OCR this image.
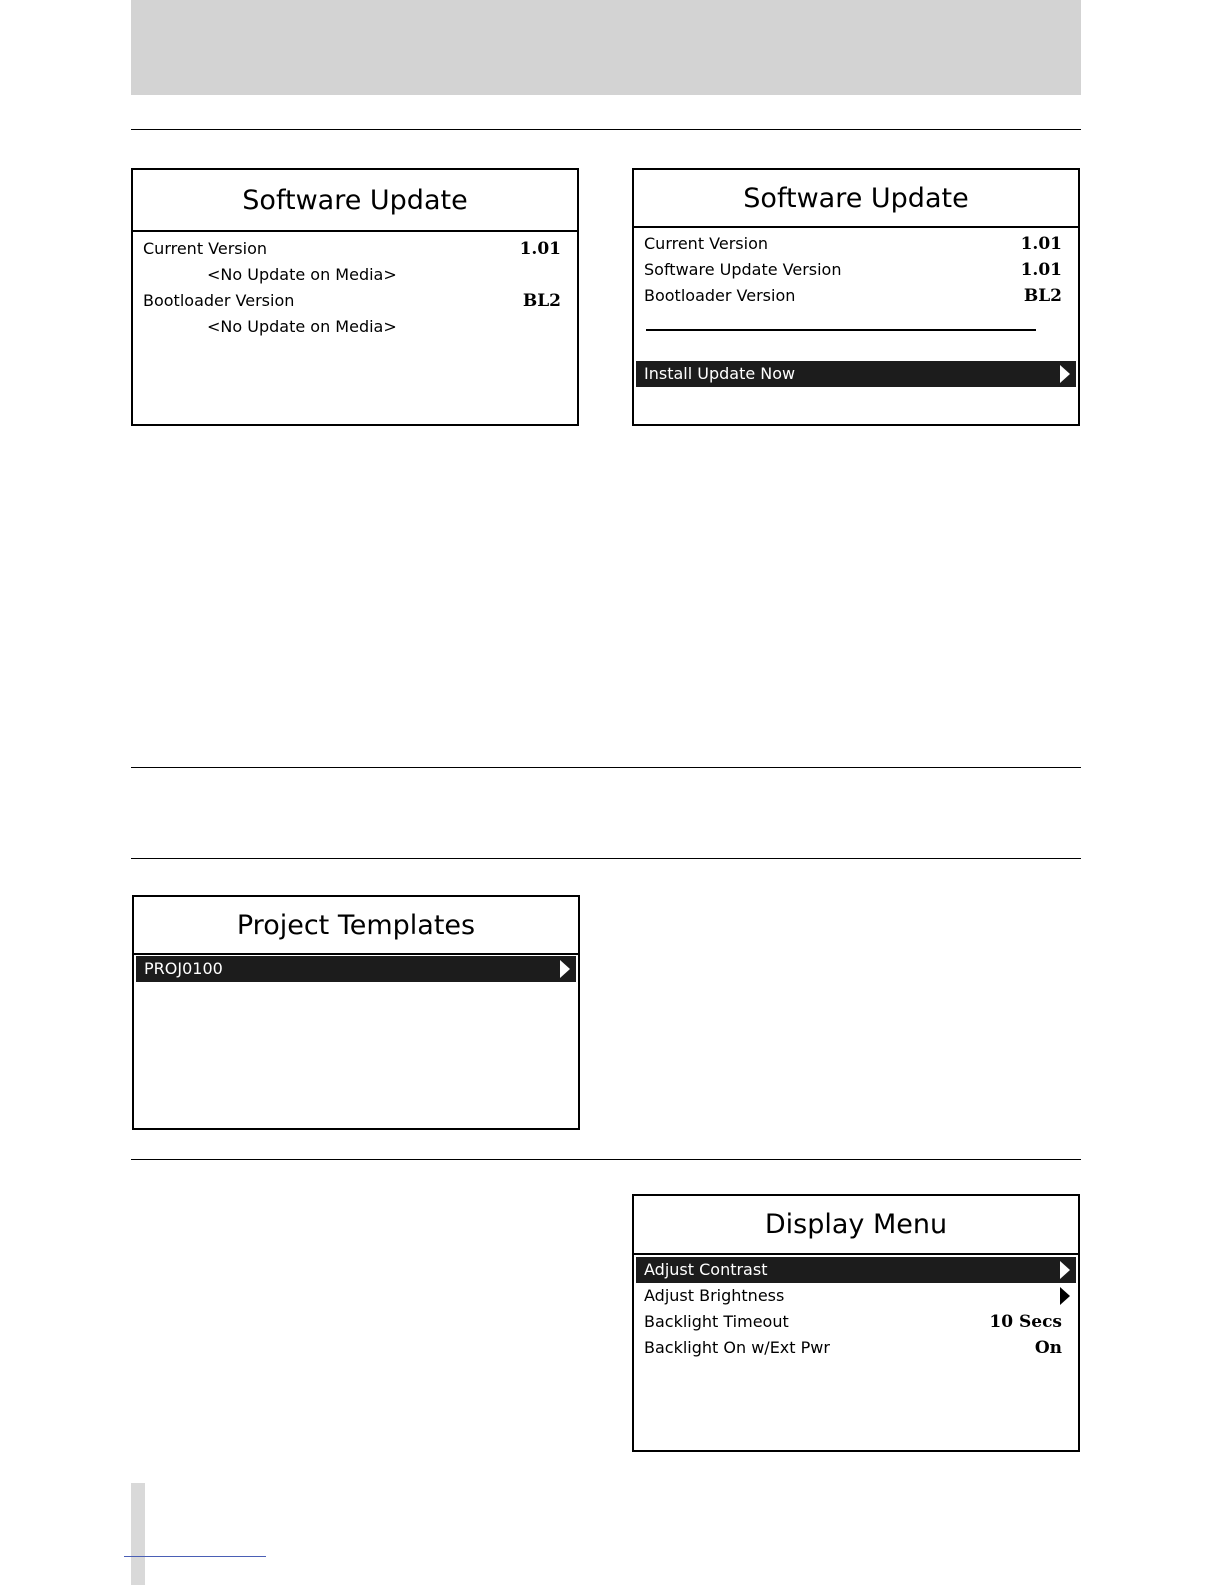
Software Update
Current Version	1.01
<No Update on Media>
Bootloader Version	BL2
<No Update on Media>
Software Update
Current Version	1.01
Software Update Version	1.01
Bootloader Version	BL2
Install Update Now
Project Templates
PROJ0100
Display Menu
Adjust Contrast
Adjust Brightness
Backlight Timeout	10 Secs
Backlight On w/Ext Pwr	On
